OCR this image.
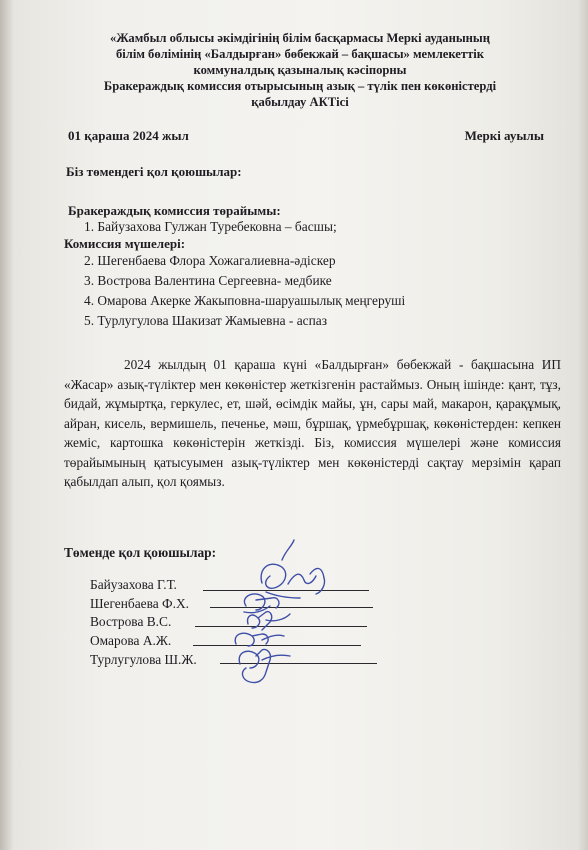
«Жамбыл облысы әкімдігінің білім басқармасы Меркі ауданының
білім бөлімінің «Балдырған» бөбекжай – бақшасы» мемлекеттік
коммуналдық қазыналық кәсіпорны
Бракераждық комиссия отырысының азық – түлік пен көкөністерді
қабылдау АКТісі
01 қараша 2024 жыл	Меркі ауылы
Біз төмендегі қол қоюшылар:
Бракераждық комиссия төрайымы:
1. Байузахова Гулжан Туребековна – басшы;
Комиссия мүшелері:
2. Шегенбаева Флора Хожагалиевна-әдіскер
3. Вострова Валентина Сергеевна- медбике
4. Омарова Акерке Жакыповна-шаруашылық меңгеруші
5. Турлугулова Шакизат Жамыевна - аспаз
2024 жылдың 01 қараша күні «Балдырған» бөбекжай - бақшасына ИП «Жасар» азық-түліктер мен көкөністер жеткізгенін растаймыз. Оның ішінде: қант, тұз, бидай, жұмыртқа, геркулес, ет, шәй, өсімдік майы, ұн, сары май, макарон, қарақұмық, айран, кисель, вермишель, печенье, мәш, бұршақ, үрмебұршақ, көкөністерден: кепкен жеміс, картошка көкөністерін жеткізді. Біз, комиссия мүшелері және комиссия төрайымының қатысуымен азық-түліктер мен көкөністерді сақтау мерзімін қарап қабылдап алып, қол қоямыз.
Төменде қол қоюшылар:
Байузахова Г.Т.
Шегенбаева Ф.Х.
Вострова В.С.
Омарова А.Ж.
Турлугулова Ш.Ж.
